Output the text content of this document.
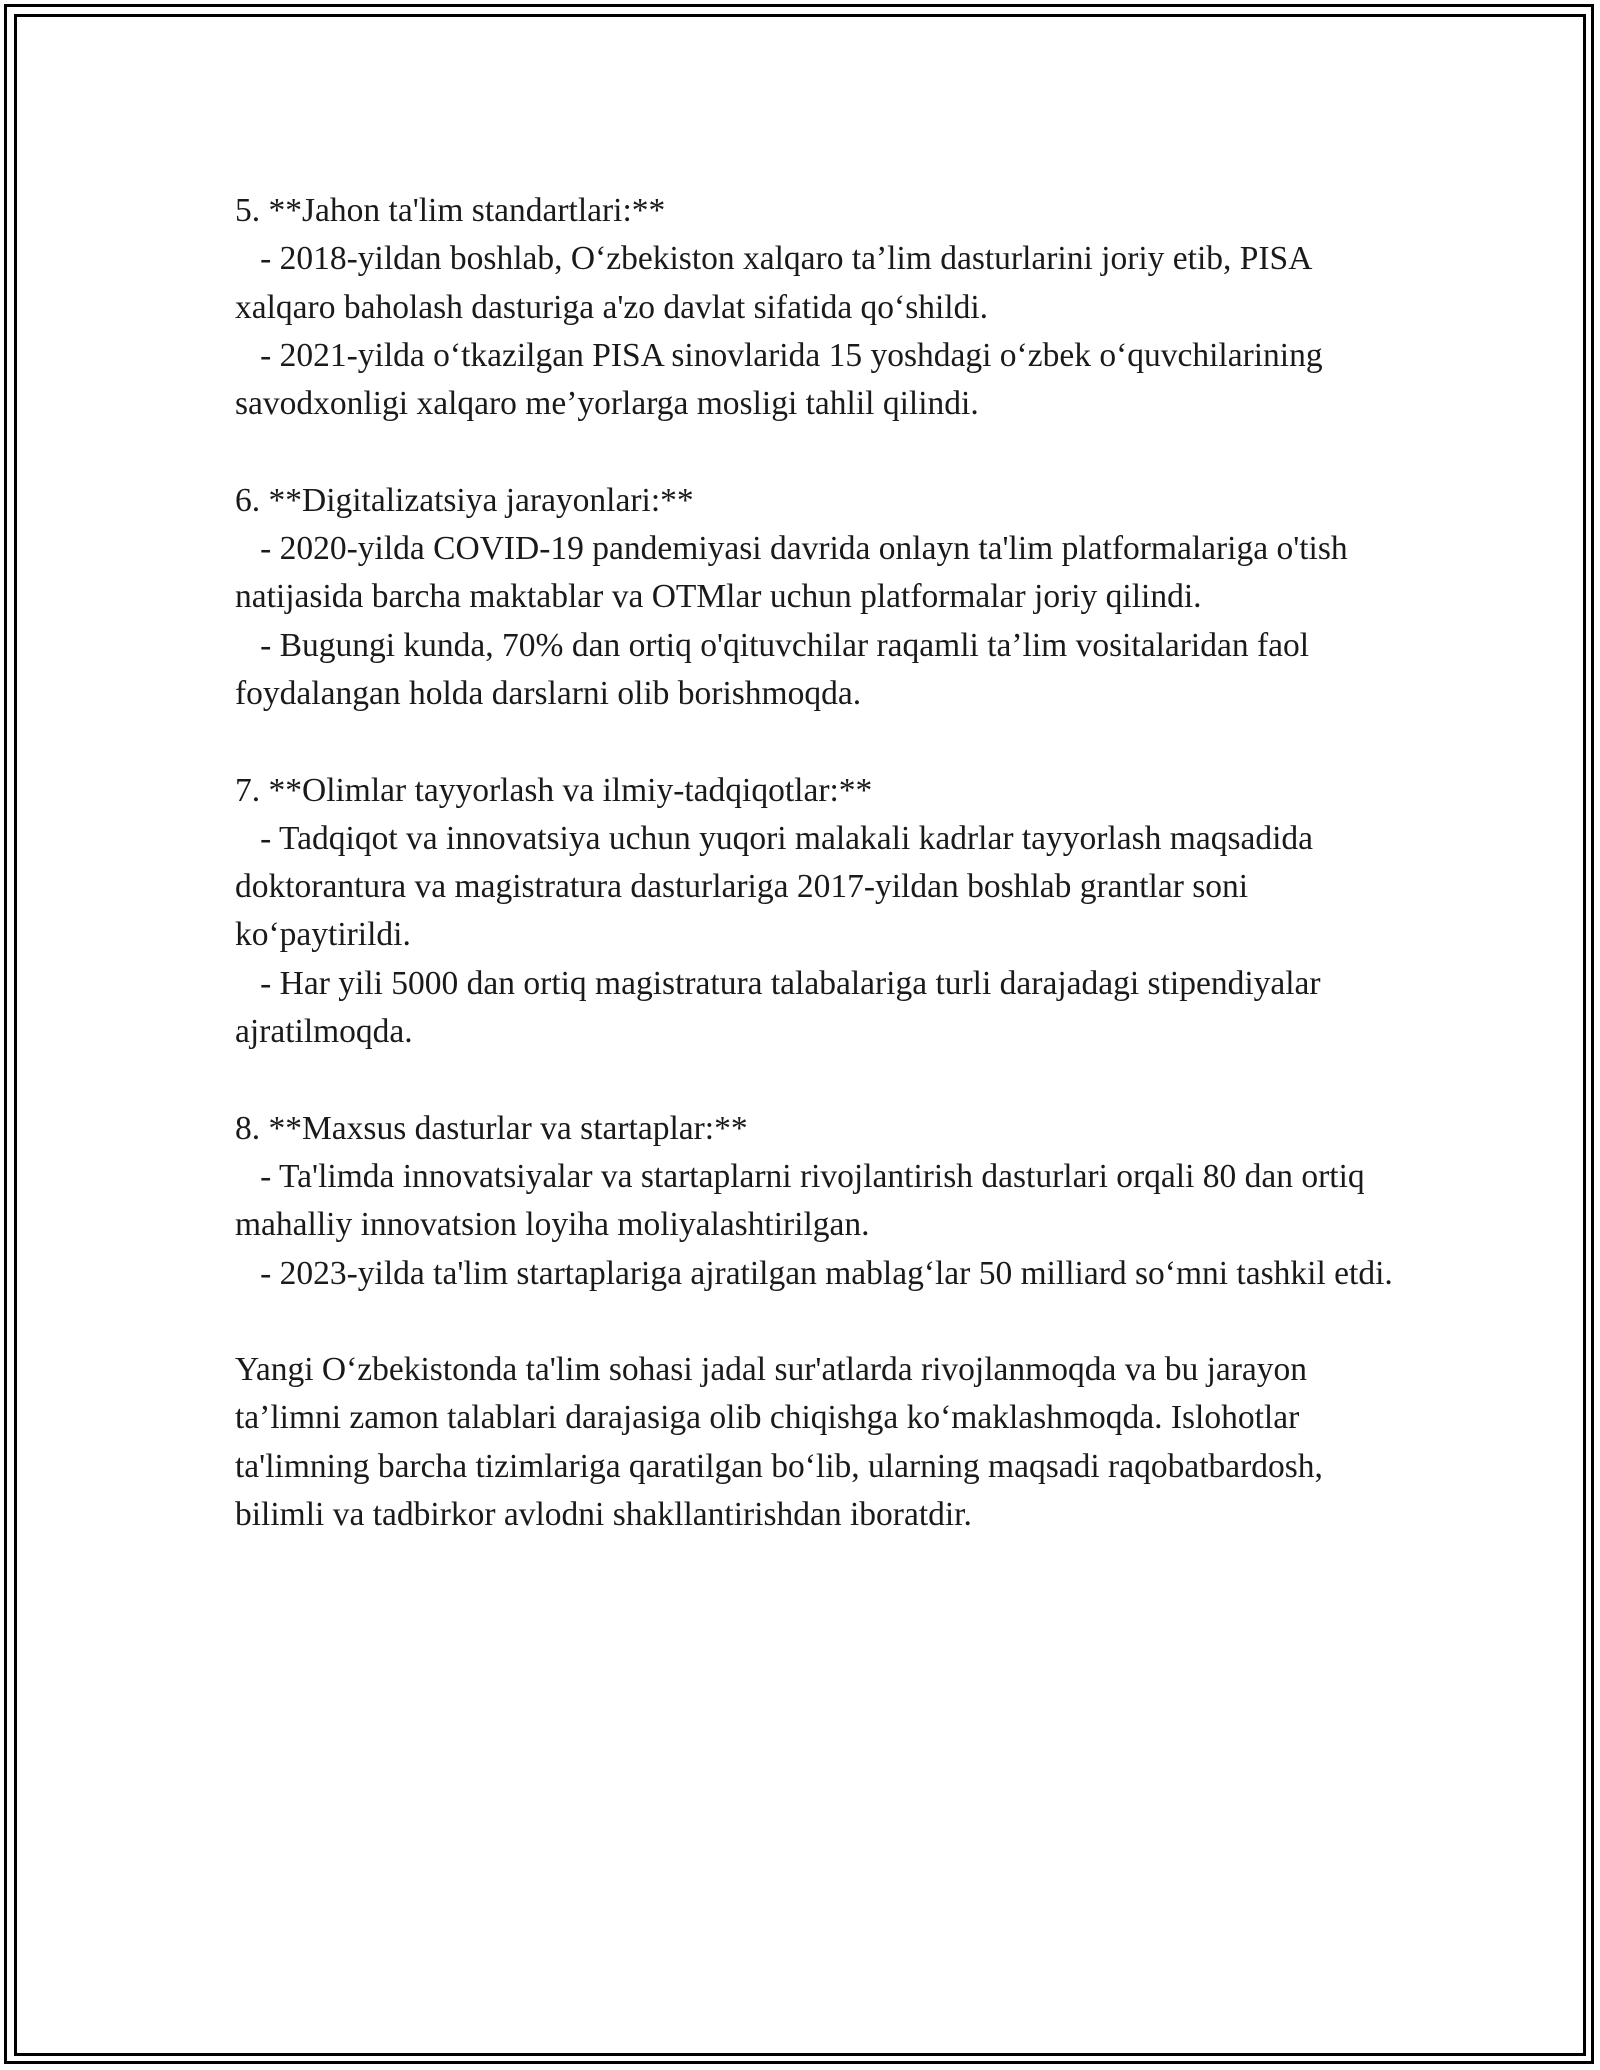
5. **Jahon ta'lim standartlari:**

- 2018-yildan boshlab, O‘zbekiston xalqaro ta’lim dasturlarini joriy etib, PISA xalqaro baholash dasturiga a'zo davlat sifatida qo‘shildi.

- 2021-yilda o‘tkazilgan PISA sinovlarida 15 yoshdagi o‘zbek o‘quvchilarining savodxonligi xalqaro me’yorlarga mosligi tahlil qilindi.

6. **Digitalizatsiya jarayonlari:**

- 2020-yilda COVID-19 pandemiyasi davrida onlayn ta'lim platformalariga o'tish natijasida barcha maktablar va OTMlar uchun platformalar joriy qilindi.

- Bugungi kunda, 70% dan ortiq o'qituvchilar raqamli ta’lim vositalaridan faol foydalangan holda darslarni olib borishmoqda.

7. **Olimlar tayyorlash va ilmiy-tadqiqotlar:**

- Tadqiqot va innovatsiya uchun yuqori malakali kadrlar tayyorlash maqsadida doktorantura va magistratura dasturlariga 2017-yildan boshlab grantlar soni ko‘paytirildi.

- Har yili 5000 dan ortiq magistratura talabalariga turli darajadagi stipendiyalar ajratilmoqda.

8. **Maxsus dasturlar va startaplar:**

- Ta'limda innovatsiyalar va startaplarni rivojlantirish dasturlari orqali 80 dan ortiq mahalliy innovatsion loyiha moliyalashtirilgan.

- 2023-yilda ta'lim startaplariga ajratilgan mablag‘lar 50 milliard so‘mni tashkil etdi.

Yangi O‘zbekistonda ta'lim sohasi jadal sur'atlarda rivojlanmoqda va bu jarayon ta’limni zamon talablari darajasiga olib chiqishga ko‘maklashmoqda. Islohotlar ta'limning barcha tizimlariga qaratilgan bo‘lib, ularning maqsadi raqobatbardosh, bilimli va tadbirkor avlodni shakllantirishdan iboratdir.
